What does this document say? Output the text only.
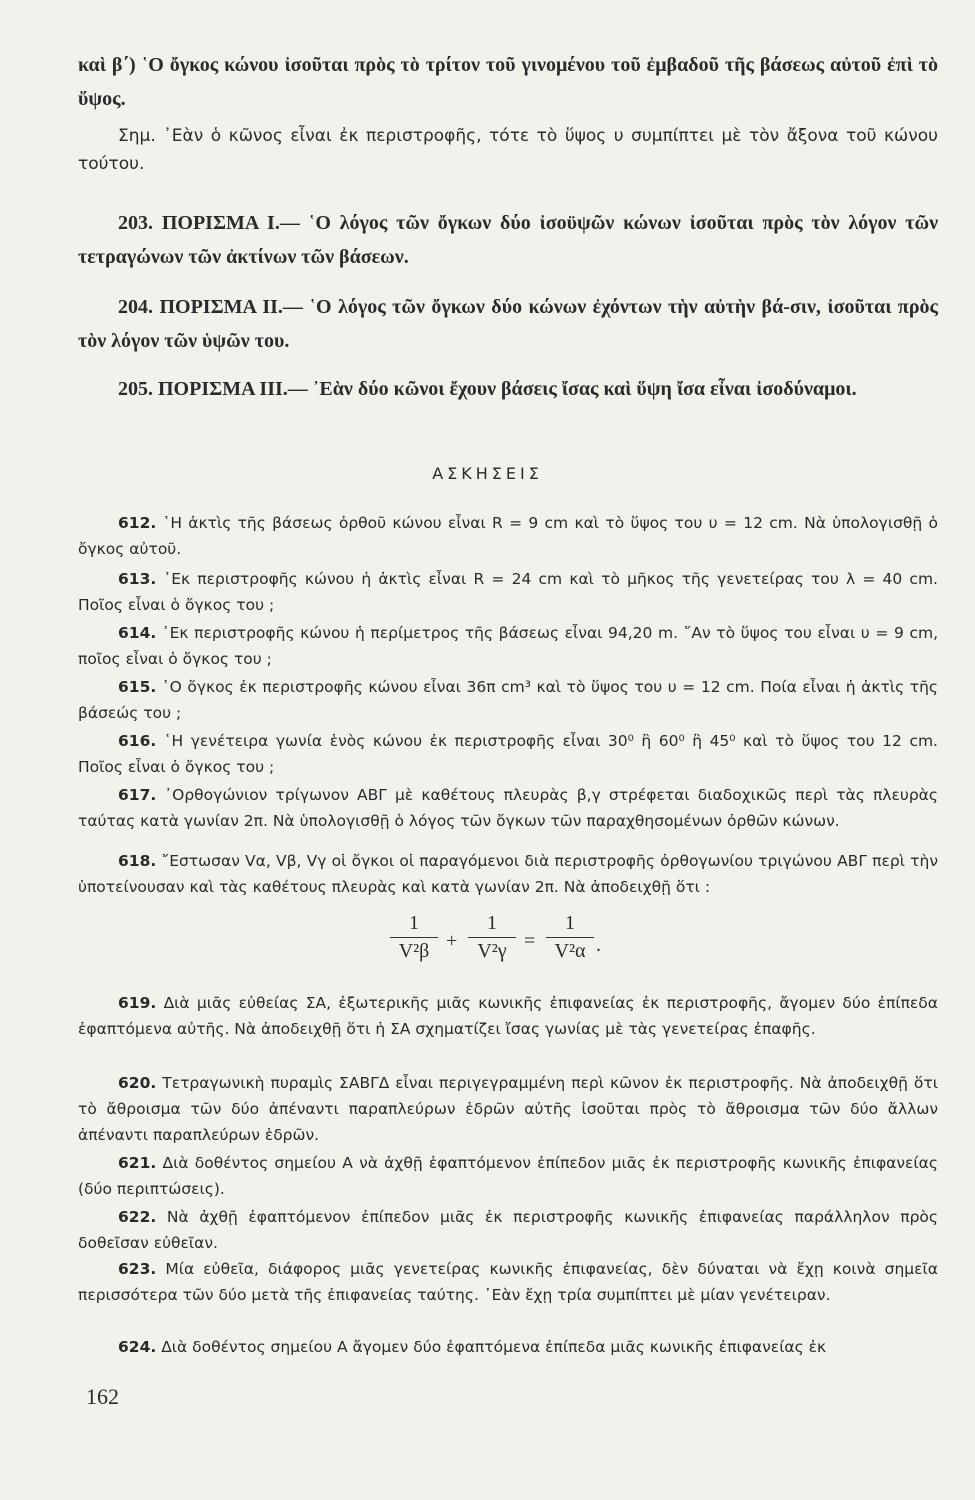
καὶ β΄) ῾Ο ὄγκος κώνου ἰσοῦται πρὸς τὸ τρίτον τοῦ γινομένου τοῦ ἐμβαδοῦ τῆς βάσεως αὐτοῦ ἐπὶ τὸ ὕψος.
Σημ. ᾽Εὰν ὁ κῶνος εἶναι ἐκ περιστροφῆς, τότε τὸ ὕψος υ συμπίπτει μὲ τὸν ἄξονα τοῦ κώνου τούτου.
203. ΠΟΡΙΣΜΑ Ι.— ῾Ο λόγος τῶν ὄγκων δύο ἰσοϋψῶν κώνων ἰσοῦται πρὸς τὸν λόγον τῶν τετραγώνων τῶν ἀκτίνων τῶν βάσεων.
204. ΠΟΡΙΣΜΑ ΙΙ.— ῾Ο λόγος τῶν ὄγκων δύο κώνων ἐχόντων τὴν αὐτὴν βά-σιν, ἰσοῦται πρὸς τὸν λόγον τῶν ὑψῶν του.
205. ΠΟΡΙΣΜΑ ΙΙΙ.— ᾽Εὰν δύο κῶνοι ἔχουν βάσεις ἴσας καὶ ὕψη ἴσα εἶναι ἰσοδύναμοι.
ΑΣΚΗΣΕΙΣ
612. ῾Η ἀκτὶς τῆς βάσεως ὀρθοῦ κώνου εἶναι R = 9 cm καὶ τὸ ὕψος του υ = 12 cm. Νὰ ὑπολογισθῇ ὁ ὄγκος αὐτοῦ.
613. ᾽Εκ περιστροφῆς κώνου ἡ ἀκτὶς εἶναι R = 24 cm καὶ τὸ μῆκος τῆς γενετείρας του λ = 40 cm. Ποῖος εἶναι ὁ ὄγκος του ;
614. ᾽Εκ περιστροφῆς κώνου ἡ περίμετρος τῆς βάσεως εἶναι 94,20 m. ῎Αν τὸ ὕψος του εἶναι υ = 9 cm, ποῖος εἶναι ὁ ὄγκος του ;
615. ῾Ο ὄγκος ἐκ περιστροφῆς κώνου εἶναι 36π cm³ καὶ τὸ ὕψος του υ = 12 cm. Ποία εἶναι ἡ ἀκτὶς τῆς βάσεώς του ;
616. ῾Η γενέτειρα γωνία ἑνὸς κώνου ἐκ περιστροφῆς εἶναι 30⁰ ἢ 60⁰ ἢ 45⁰ καὶ τὸ ὕψος του 12 cm. Ποῖος εἶναι ὁ ὄγκος του ;
617. ᾽Ορθογώνιον τρίγωνον ΑΒΓ μὲ καθέτους πλευρὰς β,γ στρέφεται διαδοχικῶς περὶ τὰς πλευρὰς ταύτας κατὰ γωνίαν 2π. Νὰ ὑπολογισθῇ ὁ λόγος τῶν ὄγκων τῶν παραχθησομένων ὀρθῶν κώνων.
618. ῎Εστωσαν Vα, Vβ, Vγ οἱ ὄγκοι οἱ παραγόμενοι διὰ περιστροφῆς ὀρθογωνίου τριγώνου ΑΒΓ περὶ τὴν ὑποτείνουσαν καὶ τὰς καθέτους πλευρὰς καὶ κατὰ γωνίαν 2π. Νὰ ἀποδειχθῇ ὅτι :
$\frac{1}{\text{V²β}} + \frac{1}{\text{V²γ}} = \frac{1}{\text{V²α}}$ .
619. Διὰ μιᾶς εὐθείας ΣΑ, ἐξωτερικῆς μιᾶς κωνικῆς ἐπιφανείας ἐκ περιστροφῆς, ἄγομεν δύο ἐπίπεδα ἐφαπτόμενα αὐτῆς. Νὰ ἀποδειχθῇ ὅτι ἡ ΣΑ σχηματίζει ἴσας γωνίας μὲ τὰς γενετείρας ἐπαφῆς.
620. Τετραγωνικὴ πυραμὶς ΣΑΒΓΔ εἶναι περιγεγραμμένη περὶ κῶνον ἐκ περιστροφῆς. Νὰ ἀποδειχθῇ ὅτι τὸ ἄθροισμα τῶν δύο ἀπέναντι παραπλεύρων ἑδρῶν αὐτῆς ἰσοῦται πρὸς τὸ ἄθροισμα τῶν δύο ἄλλων ἀπέναντι παραπλεύρων ἑδρῶν.
621. Διὰ δοθέντος σημείου Α νὰ ἀχθῇ ἐφαπτόμενον ἐπίπεδον μιᾶς ἐκ περιστροφῆς κωνικῆς ἐπιφανείας (δύο περιπτώσεις).
622. Νὰ ἀχθῇ ἐφαπτόμενον ἐπίπεδον μιᾶς ἐκ περιστροφῆς κωνικῆς ἐπιφανείας παράλληλον πρὸς δοθεῖσαν εὐθεῖαν.
623. Μία εὐθεῖα, διάφορος μιᾶς γενετείρας κωνικῆς ἐπιφανείας, δὲν δύναται νὰ ἔχῃ κοινὰ σημεῖα περισσότερα τῶν δύο μετὰ τῆς ἐπιφανείας ταύτης. ᾽Εὰν ἔχῃ τρία συμπίπτει μὲ μίαν γενέτειραν.
624. Διὰ δοθέντος σημείου Α ἄγομεν δύο ἐφαπτόμενα ἐπίπεδα μιᾶς κωνικῆς ἐπιφανείας ἐκ
162
